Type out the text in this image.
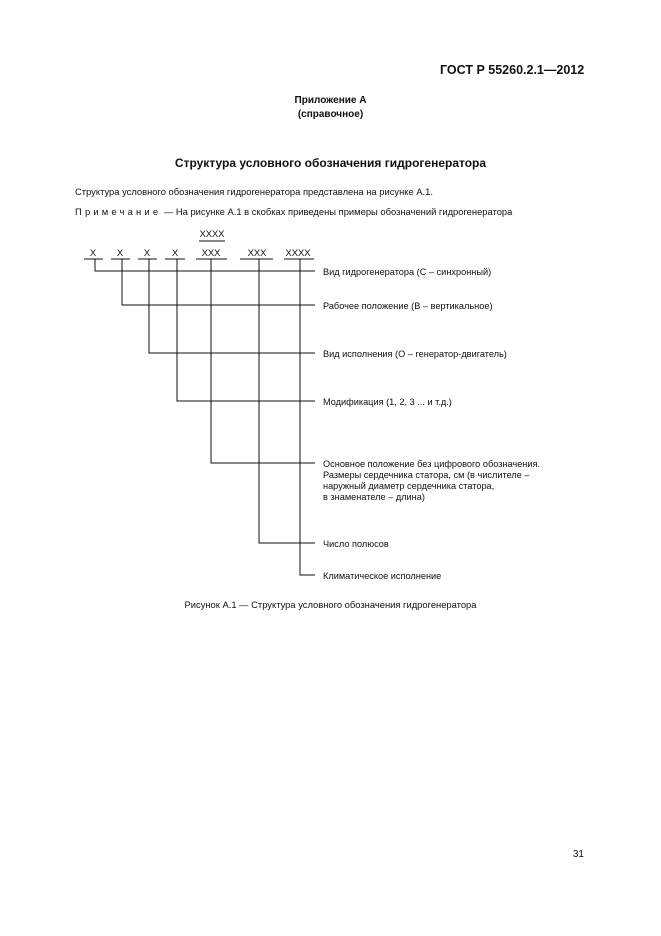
ГОСТ Р 55260.2.1—2012
Приложение А
(справочное)
Структура условного обозначения гидрогенератора
Структура условного обозначения гидрогенератора представлена на рисунке А.1.
Примечание — На рисунке А.1 в скобках приведены примеры обозначений гидрогенератора
Х Х Х Х
ХХХХ
ХХХ	ХХХ ХХХХ
Вид гидрогенератора (С – синхронный)
Рабочее положение (В – вертикальное)
Вид исполнения (О – генератор-двигатель)
Модификация (1, 2, 3 ... и т.д.)
Основное положение без цифрового обозначения.
Размеры сердечника статора, см (в числителе –
наружный диаметр сердечника статора,
в знаменателе – длина)
Число полюсов
Климатическое исполнение
Рисунок А.1 — Структура условного обозначения гидрогенератора
31
